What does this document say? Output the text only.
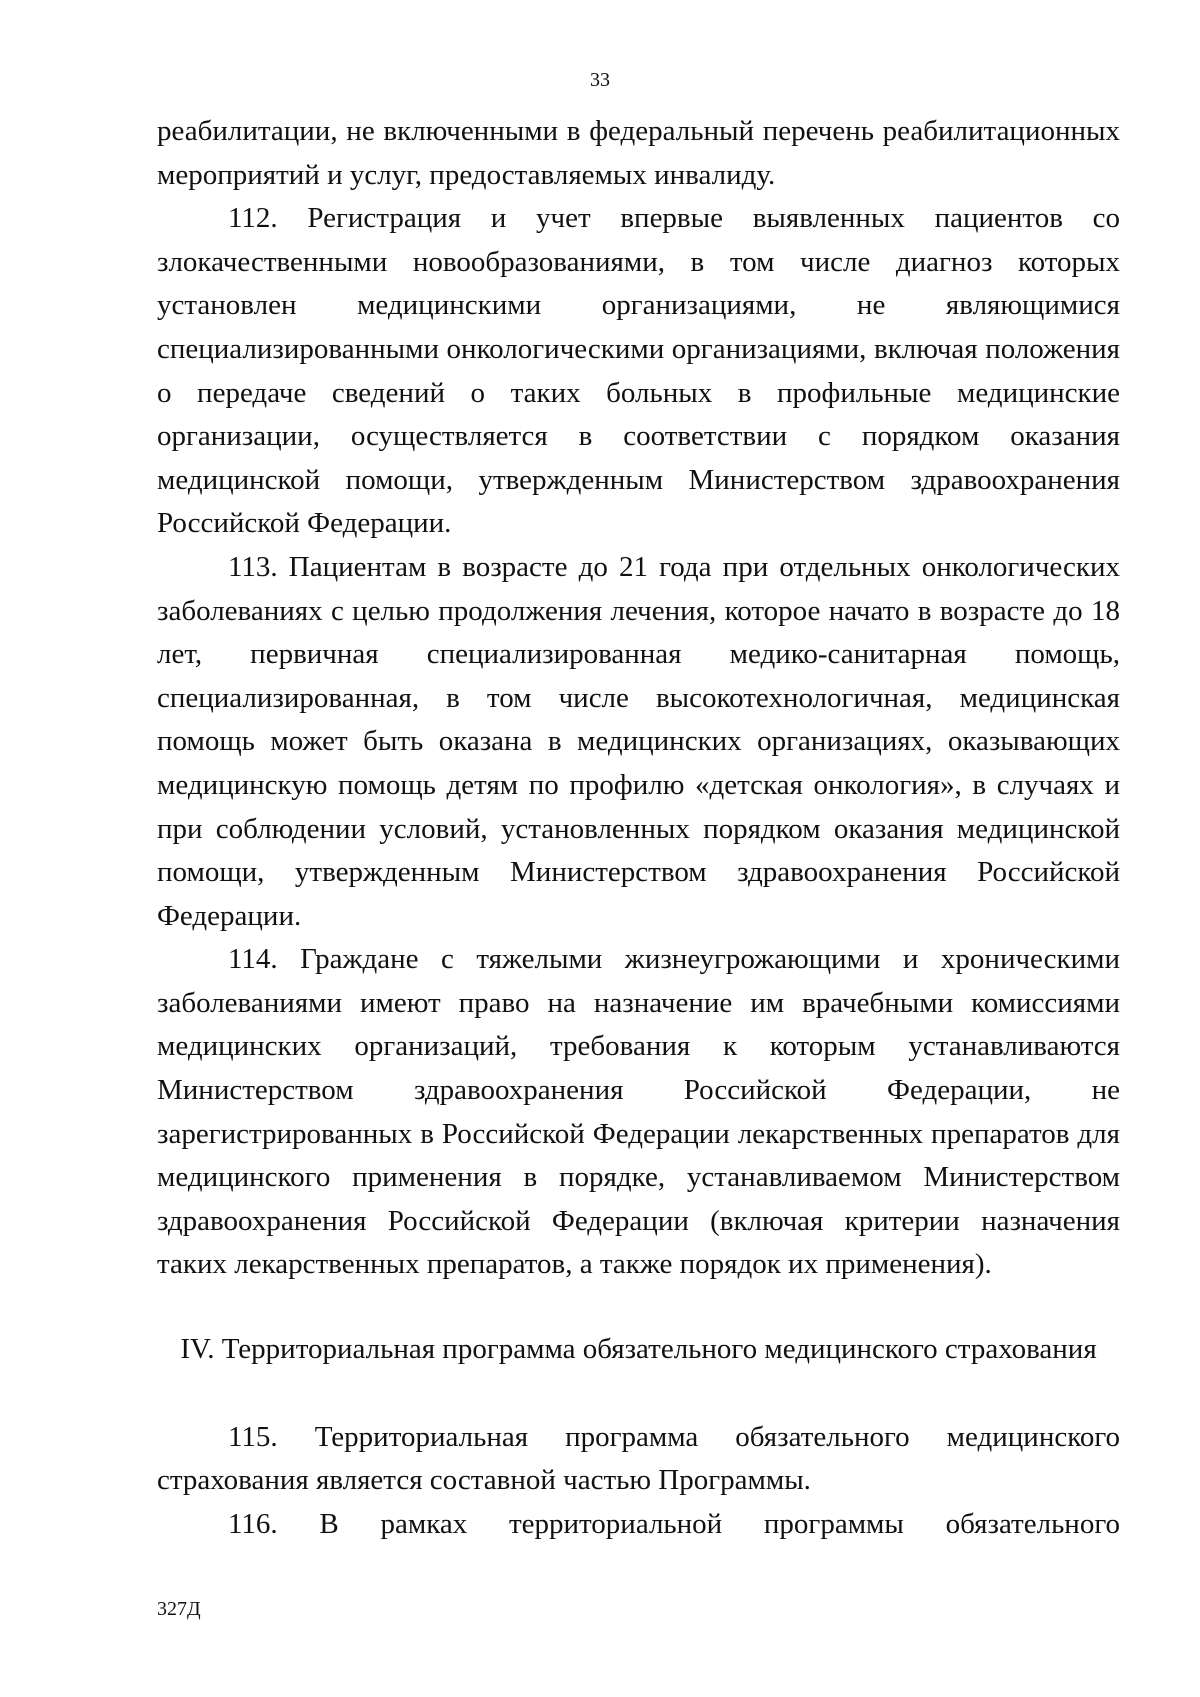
33

реабилитации, не включенными в федеральный перечень реабилитационных мероприятий и услуг, предоставляемых инвалиду.

112. Регистрация и учет впервые выявленных пациентов со злокачественными новообразованиями, в том числе диагноз которых установлен медицинскими организациями, не являющимися специализированными онкологическими организациями, включая положения о передаче сведений о таких больных в профильные медицинские организации, осуществляется в соответствии с порядком оказания медицинской помощи, утвержденным Министерством здравоохранения Российской Федерации.

113. Пациентам в возрасте до 21 года при отдельных онкологических заболеваниях с целью продолжения лечения, которое начато в возрасте до 18 лет, первичная специализированная медико-санитарная помощь, специализированная, в том числе высокотехнологичная, медицинская помощь может быть оказана в медицинских организациях, оказывающих медицинскую помощь детям по профилю «детская онкология», в случаях и при соблюдении условий, установленных порядком оказания медицинской помощи, утвержденным Министерством здравоохранения Российской Федерации.

114. Граждане с тяжелыми жизнеугрожающими и хроническими заболеваниями имеют право на назначение им врачебными комиссиями медицинских организаций, требования к которым устанавливаются Министерством здравоохранения Российской Федерации, не зарегистрированных в Российской Федерации лекарственных препаратов для медицинского применения в порядке, устанавливаемом Министерством здравоохранения Российской Федерации (включая критерии назначения таких лекарственных препаратов, а также порядок их применения).

IV. Территориальная программа обязательного медицинского страхования

115. Территориальная программа обязательного медицинского страхования является составной частью Программы.

116. В рамках территориальной программы обязательного

327Д
